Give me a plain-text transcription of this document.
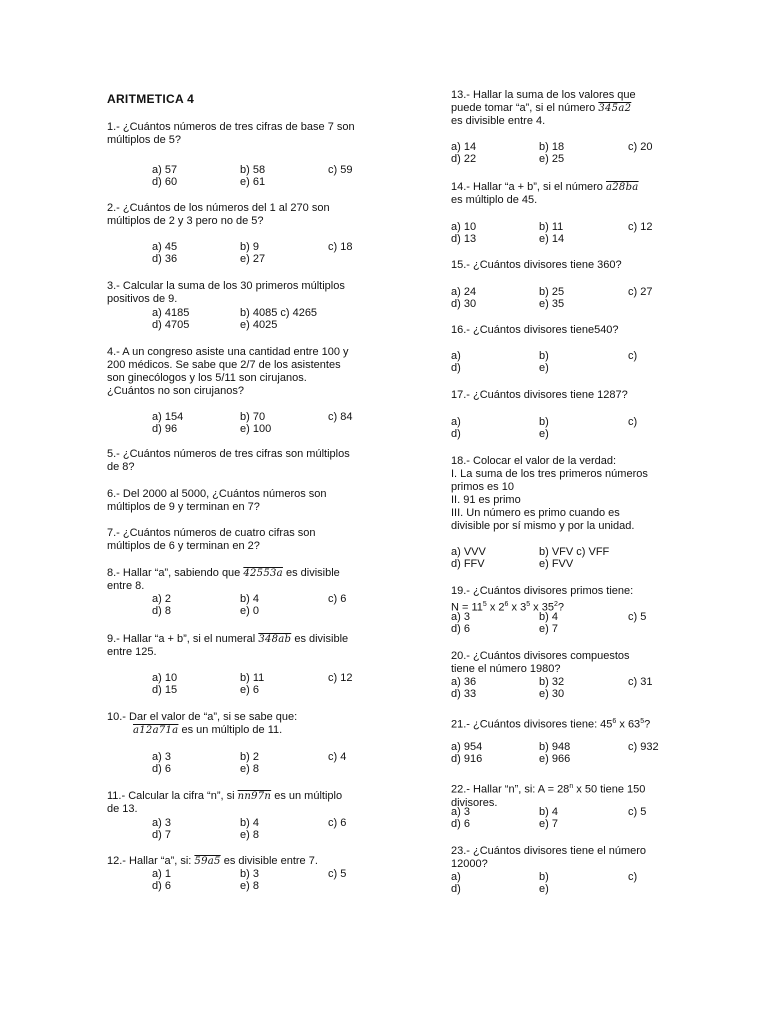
ARITMETICA 4
1.- ¿Cuántos números de tres cifras de base 7 son
múltiplos de 5?
a) 57	b) 58	c) 59
d) 60	e) 61
2.- ¿Cuántos de los números del 1 al 270 son
múltiplos de 2 y 3 pero no de 5?
a) 45	b) 9	c) 18
d) 36	e) 27
3.- Calcular la suma de los 30 primeros múltiplos
positivos de 9.
a) 4185	b) 4085 c) 4265
d) 4705	e) 4025
4.- A un congreso asiste una cantidad entre 100 y
200 médicos. Se sabe que 2/7 de los asistentes
son ginecólogos y los 5/11 son cirujanos.
¿Cuántos no son cirujanos?
a) 154	b) 70	c) 84
d) 96	e) 100
5.- ¿Cuántos números de tres cifras son múltiplos
de 8?
6.- Del 2000 al 5000, ¿Cuántos números son
múltiplos de 9 y terminan en 7?
7.- ¿Cuántos números de cuatro cifras son
múltiplos de 6 y terminan en 2?
15.- ¿Cuántos divisores tiene 360?
a) 24	b) 25	c) 27
d) 30	e) 35
16.- ¿Cuántos divisores tiene540?
a)	b)	c)
d)	e)
17.- ¿Cuántos divisores tiene 1287?
a)	b)	c)
d)	e)
18.- Colocar el valor de la verdad:
I. La suma de los tres primeros números
primos es 10
II. 91 es primo
III. Un número es primo cuando es
divisible por sí mismo y por la unidad.
a) VVV	b) VFV c) VFF
d) FFV	e) FVV
8.- Hallar “a”, sabiendo que 42553a es divisible
entre 8.
a) 2	b) 4	c) 6
d) 8	e) 0
9.- Hallar “a + b”, si el numeral 348ab es divisible
entre 125.
a) 10	b) 11	c) 12
d) 15	e) 6
10.- Dar el valor de “a”, si se sabe que:
a12a71a es un múltiplo de 11.
a) 3	b) 2	c) 4
d) 6	e) 8
11.- Calcular la cifra “n”, si nn97n es un múltiplo
de 13.
a) 3	b) 4	c) 6
d) 7	e) 8
12.- Hallar “a”, si: 59a5 es divisible entre 7.
a) 1	b) 3	c) 5
d) 6	e) 8
13.- Hallar la suma de los valores que
puede tomar “a”, si el número 345a2
es divisible entre 4.
a) 14	b) 18	c) 20
d) 22	e) 25
14.- Hallar “a + b”, si el número a28ba
es múltiplo de 45.
a) 10	b) 11	c) 12
d) 13	e) 14
19.- ¿Cuántos divisores primos tiene:
$N = 11^5$ x $2^6$ x $3^5$ x $35^2$?
a) 3	b) 4	c) 5
d) 6	e) 7
20.- ¿Cuántos divisores compuestos
tiene el número 1980?
a) 36	b) 32	c) 31
d) 33	e) 30
21.- ¿Cuántos divisores tiene: $45^6$ x $63^5$?
a) 954	b) 948	c) 932
d) 916	e) 966
22.- Hallar “n”, si: $A = 28^n$ x 50 tiene 150
divisores.
a) 3	b) 4	c) 5
d) 6	e) 7
23.- ¿Cuántos divisores tiene el número
12000?
a)	b)	c)
d)	e)
